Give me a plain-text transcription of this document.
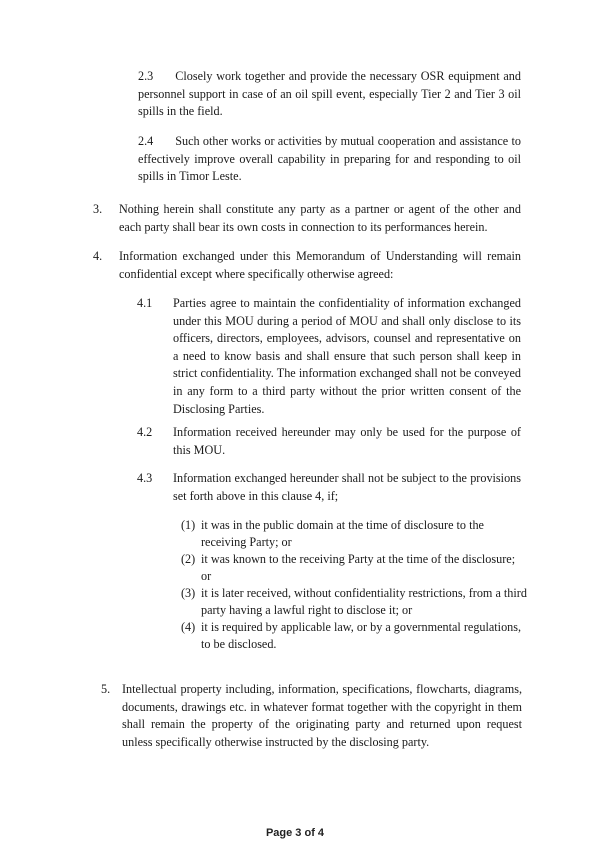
2.3 Closely work together and provide the necessary OSR equipment and personnel support in case of an oil spill event, especially Tier 2 and Tier 3 oil spills in the field.
2.4 Such other works or activities by mutual cooperation and assistance to effectively improve overall capability in preparing for and responding to oil spills in Timor Leste.
3. Nothing herein shall constitute any party as a partner or agent of the other and each party shall bear its own costs in connection to its performances herein.
4. Information exchanged under this Memorandum of Understanding will remain confidential except where specifically otherwise agreed:
4.1 Parties agree to maintain the confidentiality of information exchanged under this MOU during a period of MOU and shall only disclose to its officers, directors, employees, advisors, counsel and representative on a need to know basis and shall ensure that such person shall keep in strict confidentiality. The information exchanged shall not be conveyed in any form to a third party without the prior written consent of the Disclosing Parties.
4.2 Information received hereunder may only be used for the purpose of this MOU.
4.3 Information exchanged hereunder shall not be subject to the provisions set forth above in this clause 4, if;
(1) it was in the public domain at the time of disclosure to the
receiving Party; or
(2) it was known to the receiving Party at the time of the disclosure;
or
(3) it is later received, without confidentiality restrictions, from a third
party having a lawful right to disclose it; or
(4) it is required by applicable law, or by a governmental regulations,
to be disclosed.
5. Intellectual property including, information, specifications, flowcharts, diagrams, documents, drawings etc. in whatever format together with the copyright in them shall remain the property of the originating party and returned upon request unless specifically otherwise instructed by the disclosing party.
Page 3 of 4
